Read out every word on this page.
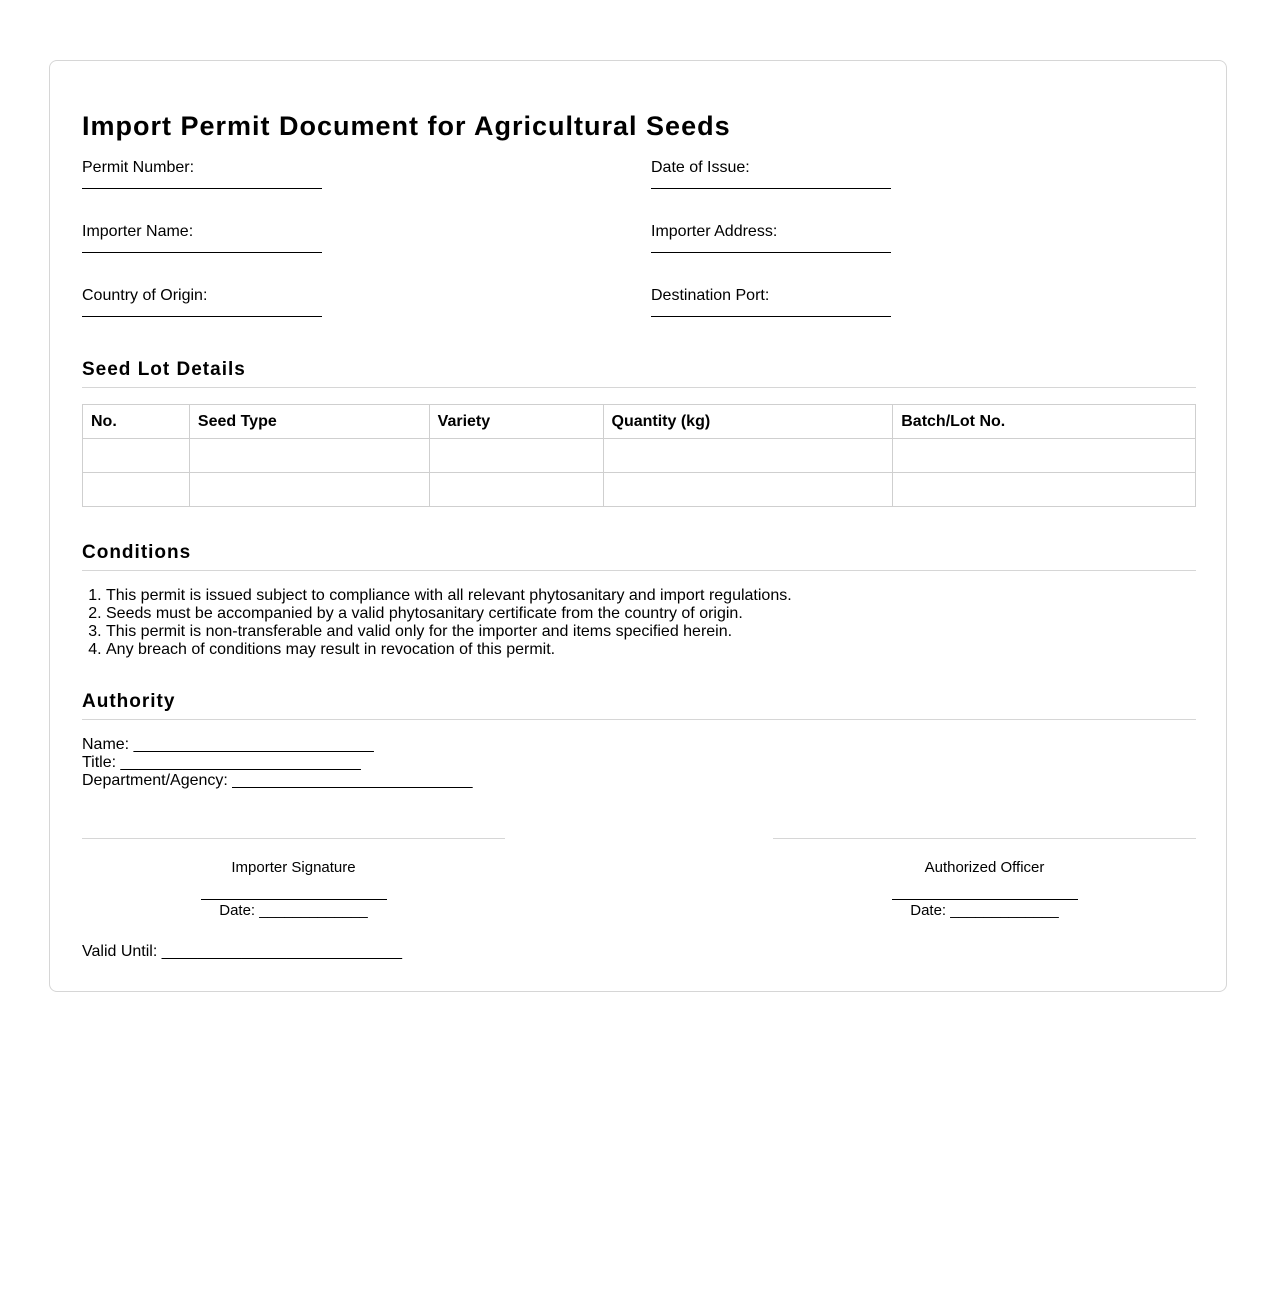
Import Permit Document for Agricultural Seeds
Permit Number:	Date of Issue:
Importer Name:	Importer Address:
Country of Origin:	Destination Port:
Seed Lot Details
No.	Seed Type	Variety	Quantity (kg)	Batch/Lot No.

Conditions
1. This permit is issued subject to compliance with all relevant phytosanitary and import regulations.
2. Seeds must be accompanied by a valid phytosanitary certificate from the country of origin.
3. This permit is non-transferable and valid only for the importer and items specified herein.
4. Any breach of conditions may result in revocation of this permit.
Authority
Name: ___________________________
Title: ___________________________
Department/Agency: ___________________________
Importer Signature
Date: _____________
Authorized Officer
Date: _____________
Valid Until: ___________________________
